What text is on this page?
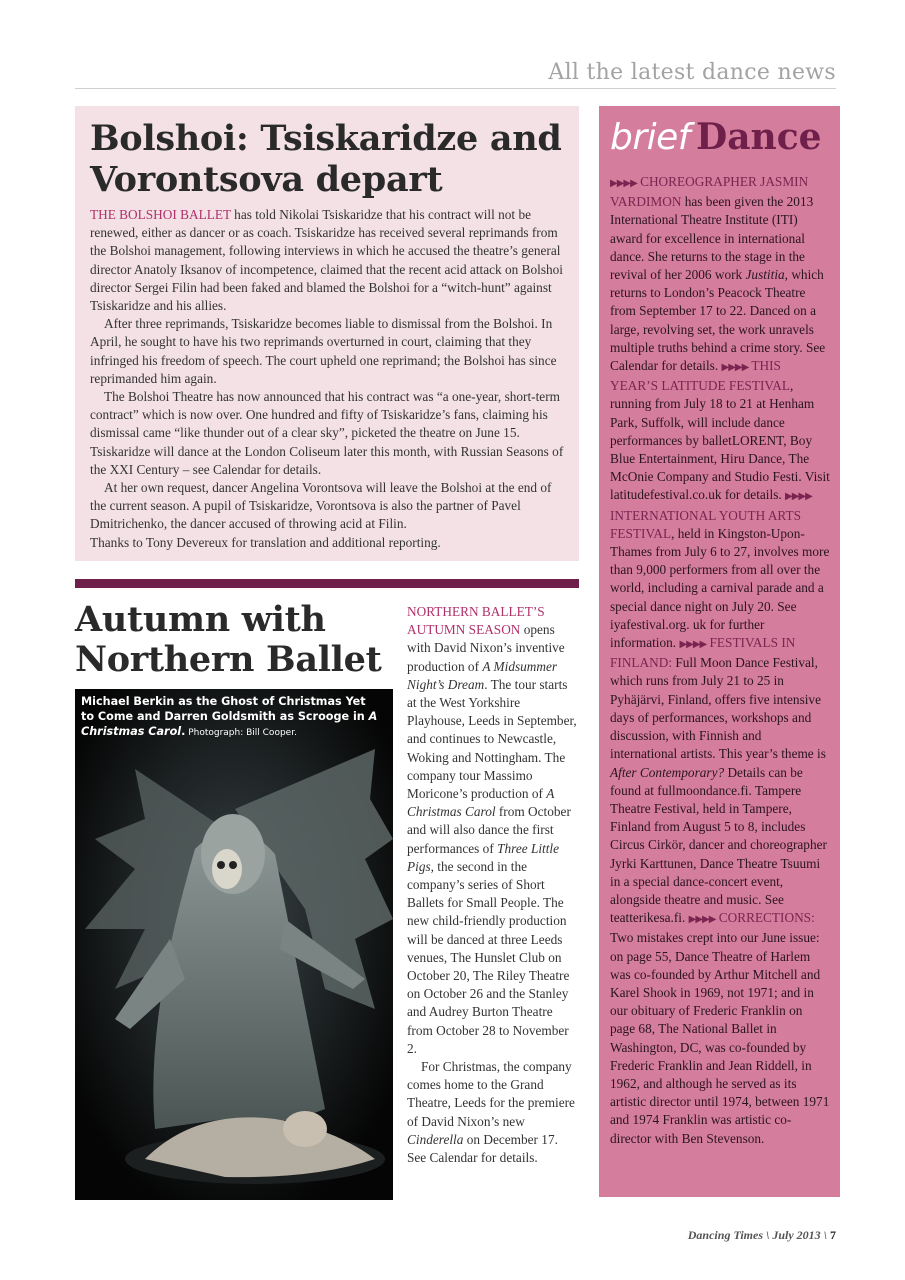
All the latest dance news
Bolshoi: Tsiskaridze and
Vorontsova depart

THE BOLSHOI BALLET has told Nikolai Tsiskaridze that his contract will not be renewed, either as dancer or as coach. Tsiskaridze has received several reprimands from the Bolshoi management, following interviews in which he accused the theatre’s general director Anatoly Iksanov of incompetence, claimed that the recent acid attack on Bolshoi director Sergei Filin had been faked and blamed the Bolshoi for a “witch-hunt” against Tsiskaridze and his allies.

After three reprimands, Tsiskaridze becomes liable to dismissal from the Bolshoi. In April, he sought to have his two reprimands overturned in court, claiming that they infringed his freedom of speech. The court upheld one reprimand; the Bolshoi has since reprimanded him again.

The Bolshoi Theatre has now announced that his contract was “a one-year, short-term contract” which is now over. One hundred and fifty of Tsiskaridze’s fans, claiming his dismissal came “like thunder out of a clear sky”, picketed the theatre on June 15. Tsiskaridze will dance at the London Coliseum later this month, with Russian Seasons of the XXI Century – see Calendar for details.

At her own request, dancer Angelina Vorontsova will leave the Bolshoi at the end of the current season. A pupil of Tsiskaridze, Vorontsova is also the partner of Pavel Dmitrichenko, the dancer accused of throwing acid at Filin.

Thanks to Tony Devereux for translation and additional reporting.

Autumn with
Northern Ballet
Michael Berkin as the Ghost of Christmas Yet to Come and Darren Goldsmith as Scrooge in A Christmas Carol. Photograph: Bill Cooper.

NORTHERN BALLET’S AUTUMN SEASON opens with David Nixon’s inventive production of A Midsummer Night’s Dream. The tour starts at the West Yorkshire Playhouse, Leeds in September, and continues to Newcastle, Woking and Nottingham. The company tour Massimo Moricone’s production of A Christmas Carol from October and will also dance the first performances of Three Little Pigs, the second in the company’s series of Short Ballets for Small People. The new child-friendly production will be danced at three Leeds venues, The Hunslet Club on October 20, The Riley Theatre on October 26 and the Stanley and Audrey Burton Theatre from October 28 to November 2.

For Christmas, the company comes home to the Grand Theatre, Leeds for the premiere of David Nixon’s new Cinderella on December 17. See Calendar for details.

brief Dance

▶▶▶▶ CHOREOGRAPHER JASMIN VARDIMON has been given the 2013 International Theatre Institute (ITI) award for excellence in international dance. She returns to the stage in the revival of her 2006 work Justitia, which returns to London’s Peacock Theatre from September 17 to 22. Danced on a large, revolving set, the work unravels multiple truths behind a crime story. See Calendar for details. ▶▶▶▶ THIS YEAR’S LATITUDE FESTIVAL, running from July 18 to 21 at Henham Park, Suffolk, will include dance performances by balletLORENT, Boy Blue Entertainment, Hiru Dance, The McOnie Company and Studio Festi. Visit latitudefestival.co.uk for details. ▶▶▶▶ INTERNATIONAL YOUTH ARTS FESTIVAL, held in Kingston-Upon-Thames from July 6 to 27, involves more than 9,000 performers from all over the world, including a carnival parade and a special dance night on July 20. See iyafestival.org. uk for further information. ▶▶▶▶ FESTIVALS IN FINLAND: Full Moon Dance Festival, which runs from July 21 to 25 in Pyhäjärvi, Finland, offers five intensive days of performances, workshops and discussion, with Finnish and international artists. This year’s theme is After Contemporary? Details can be found at fullmoondance.fi. Tampere Theatre Festival, held in Tampere, Finland from August 5 to 8, includes Circus Cirkör, dancer and choreographer Jyrki Karttunen, Dance Theatre Tsuumi in a special dance-concert event, alongside theatre and music. See teatterikesa.fi. ▶▶▶▶ CORRECTIONS: Two mistakes crept into our June issue: on page 55, Dance Theatre of Harlem was co-founded by Arthur Mitchell and Karel Shook in 1969, not 1971; and in our obituary of Frederic Franklin on page 68, The National Ballet in Washington, DC, was co-founded by Frederic Franklin and Jean Riddell, in 1962, and although he served as its artistic director until 1974, between 1971 and 1974 Franklin was artistic co-director with Ben Stevenson.

Dancing Times \ July 2013 \ 7
